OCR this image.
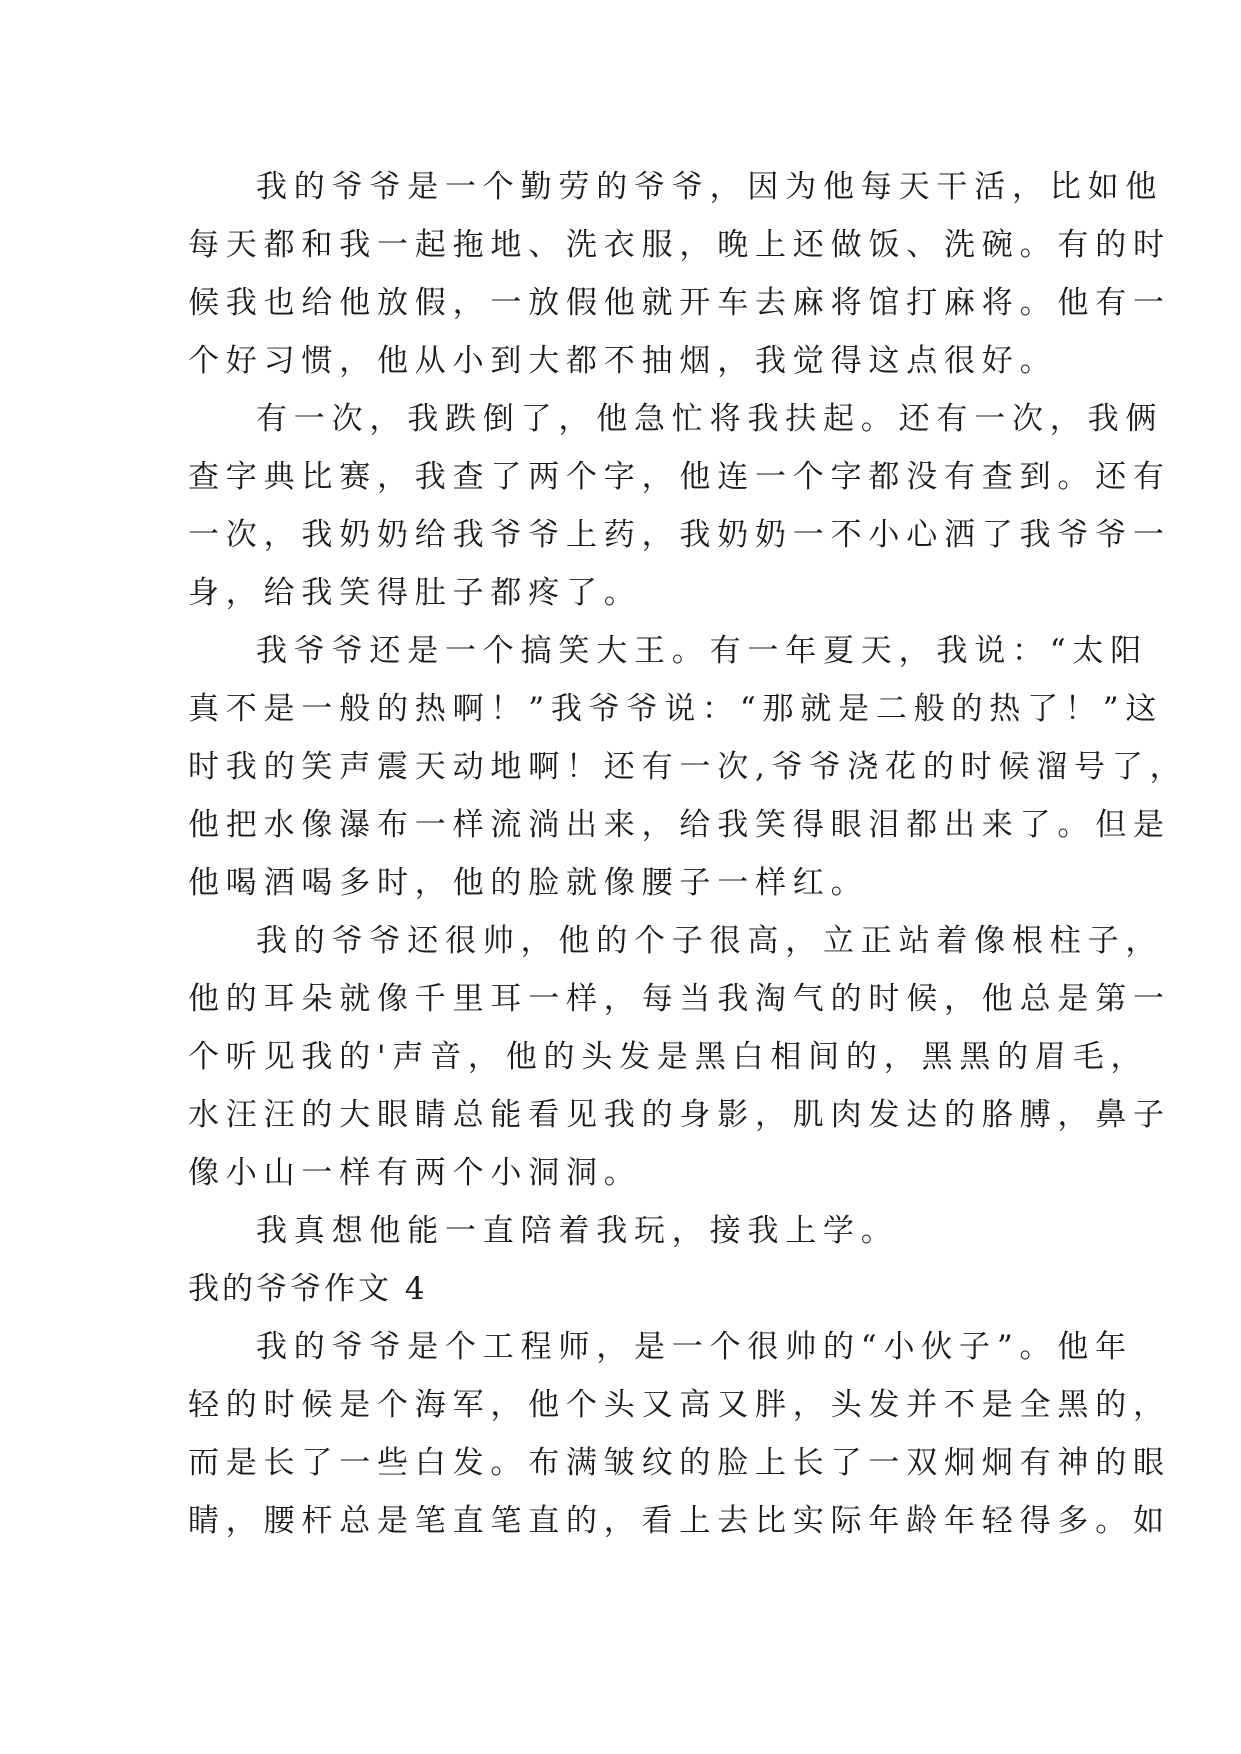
我的爷爷是一个勤劳的爷爷，因为他每天干活，比如他
每天都和我一起拖地、洗衣服，晚上还做饭、洗碗。有的时
候我也给他放假，一放假他就开车去麻将馆打麻将。他有一
个好习惯，他从小到大都不抽烟，我觉得这点很好。
有一次，我跌倒了，他急忙将我扶起。还有一次，我俩
查字典比赛，我查了两个字，他连一个字都没有查到。还有
一次，我奶奶给我爷爷上药，我奶奶一不小心洒了我爷爷一
身，给我笑得肚子都疼了。
我爷爷还是一个搞笑大王。有一年夏天，我说：“太阳
真不是一般的热啊！”我爷爷说：“那就是二般的热了！”这
时我的笑声震天动地啊！还有一次,爷爷浇花的时候溜号了，
他把水像瀑布一样流淌出来，给我笑得眼泪都出来了。但是
他喝酒喝多时，他的脸就像腰子一样红。
我的爷爷还很帅，他的个子很高，立正站着像根柱子，
他的耳朵就像千里耳一样，每当我淘气的时候，他总是第一
个听见我的'声音，他的头发是黑白相间的，黑黑的眉毛，
水汪汪的大眼睛总能看见我的身影，肌肉发达的胳膊，鼻子
像小山一样有两个小洞洞。
我真想他能一直陪着我玩，接我上学。
我的爷爷作文 4
我的爷爷是个工程师，是一个很帅的“小伙子”。他年
轻的时候是个海军，他个头又高又胖，头发并不是全黑的，
而是长了一些白发。布满皱纹的脸上长了一双炯炯有神的眼
睛，腰杆总是笔直笔直的，看上去比实际年龄年轻得多。如
